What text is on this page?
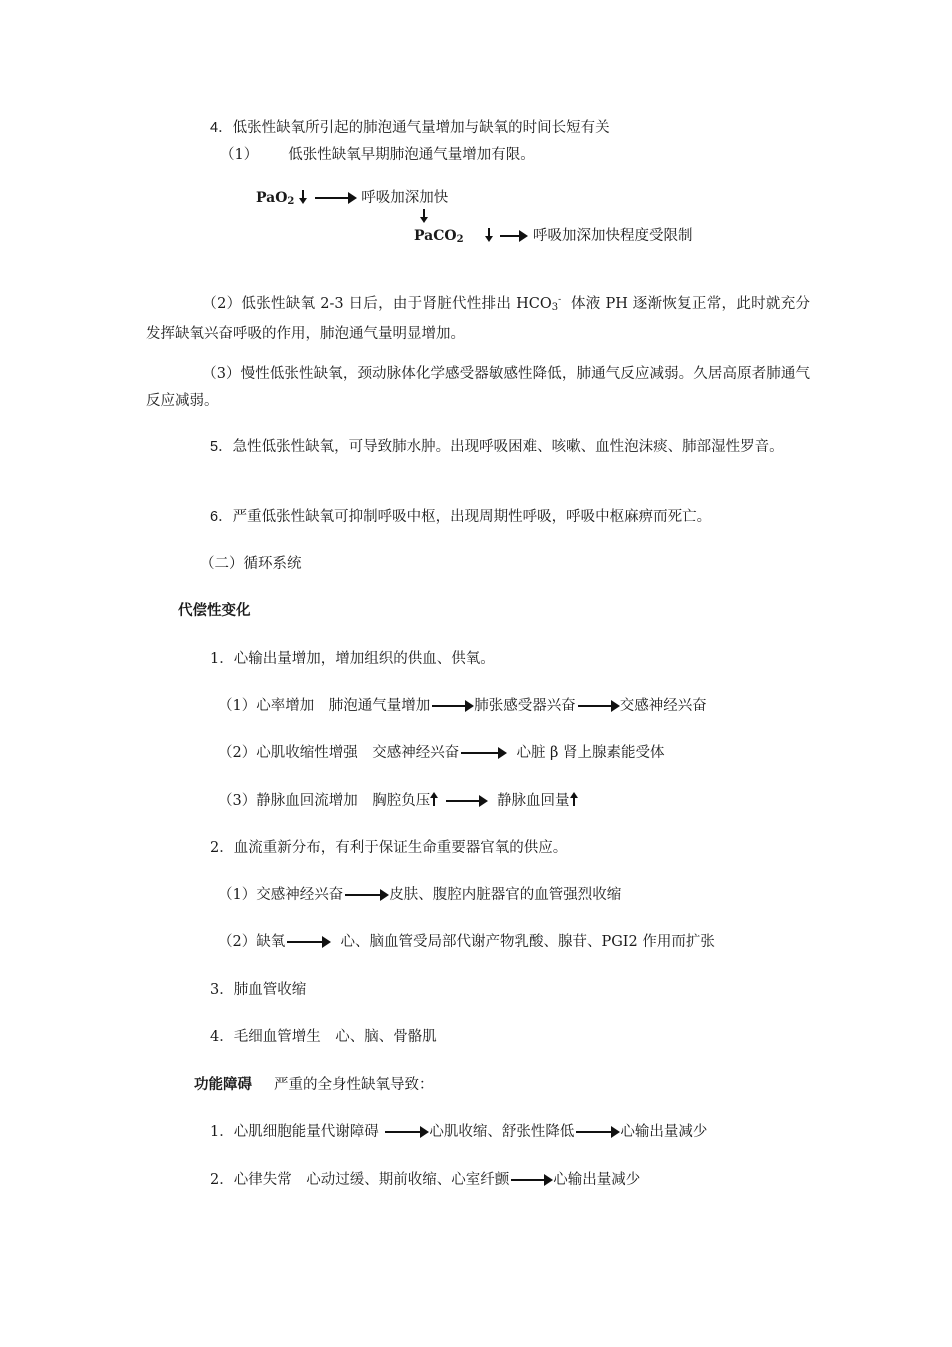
4．低张性缺氧所引起的肺泡通气量增加与缺氧的时间长短有关
（1） 低张性缺氧早期肺泡通气量增加有限。
PaO$_2$	呼吸加深加快
PaCO$_2$	呼吸加深加快程度受限制
（2）低张性缺氧 2-3 日后，由于肾脏代性排出 $HCO_3^-$ 体液 PH 逐渐恢复正常，此时就充分发挥缺氧兴奋呼吸的作用，肺泡通气量明显增加。
（3）慢性低张性缺氧，颈动脉体化学感受器敏感性降低，肺通气反应减弱。久居高原者肺通气反应减弱。
5．急性低张性缺氧，可导致肺水肿。出现呼吸困难、咳嗽、血性泡沫痰、肺部湿性罗音。
6．严重低张性缺氧可抑制呼吸中枢，出现周期性呼吸，呼吸中枢麻痹而死亡。
（二）循环系统
代偿性变化
1．心输出量增加，增加组织的供血、供氧。
（1）心率增加　肺泡通气量增加	肺张感受器兴奋	交感神经兴奋
（2）心肌收缩性增强　交感神经兴奋	心脏 β 肾上腺素能受体
（3）静脉血回流增加　胸腔负压	静脉血回量
2．血流重新分布，有利于保证生命重要器官氧的供应。
（1）交感神经兴奋	皮肤、腹腔内脏器官的血管强烈收缩
（2）缺氧	心、脑血管受局部代谢产物乳酸、腺苷、PGI2 作用而扩张
3．肺血管收缩
4．毛细血管增生　心、脑、骨骼肌
功能障碍 严重的全身性缺氧导致：
1．心肌细胞能量代谢障碍	心肌收缩、舒张性降低	心输出量减少
2．心律失常　心动过缓、期前收缩、心室纤颤	心输出量减少
